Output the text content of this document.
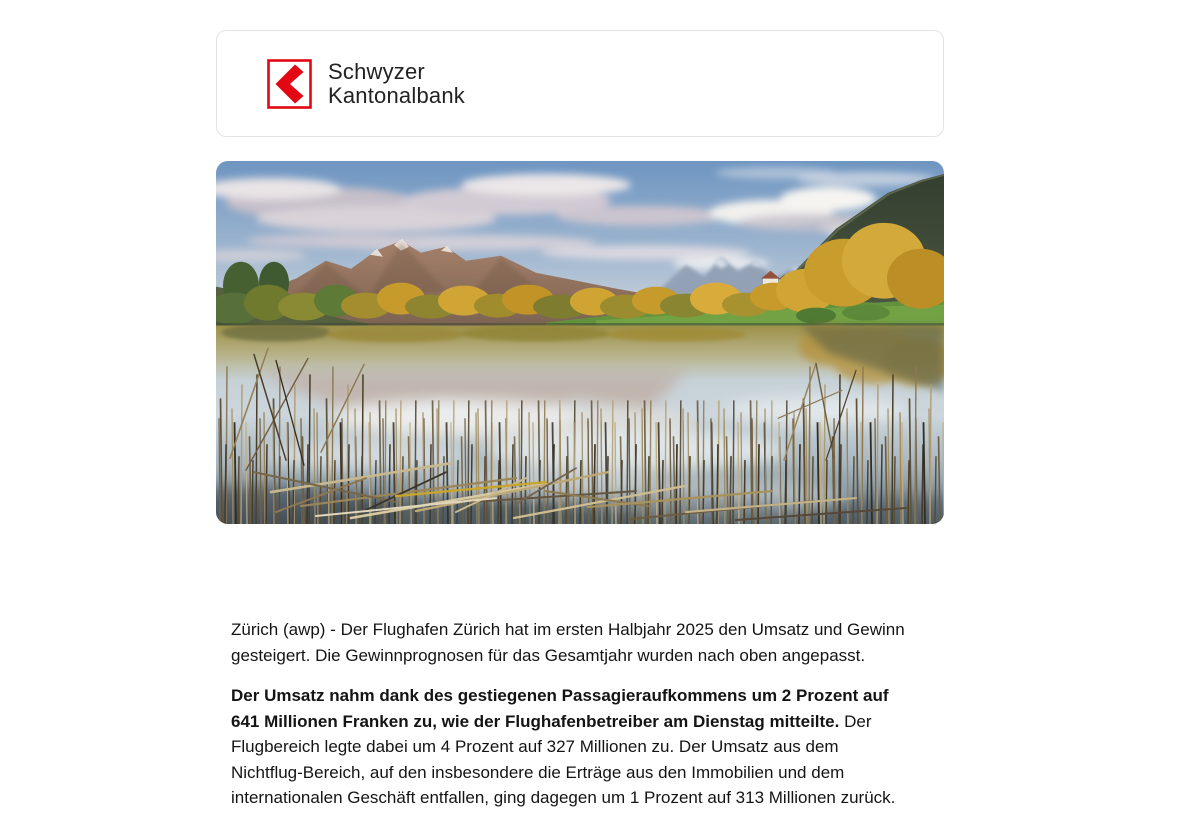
Schwyzer
Kantonalbank

Zürich (awp) - Der Flughafen Zürich hat im ersten Halbjahr 2025 den Umsatz und Gewinn gesteigert. Die Gewinnprognosen für das Gesamtjahr wurden nach oben angepasst.

Der Umsatz nahm dank des gestiegenen Passagieraufkommens um 2 Prozent auf 641 Millionen Franken zu, wie der Flughafenbetreiber am Dienstag mitteilte. Der Flugbereich legte dabei um 4 Prozent auf 327 Millionen zu. Der Umsatz aus dem Nichtflug-Bereich, auf den insbesondere die Erträge aus den Immobilien und dem internationalen Geschäft entfallen, ging dagegen um 1 Prozent auf 313 Millionen zurück.
